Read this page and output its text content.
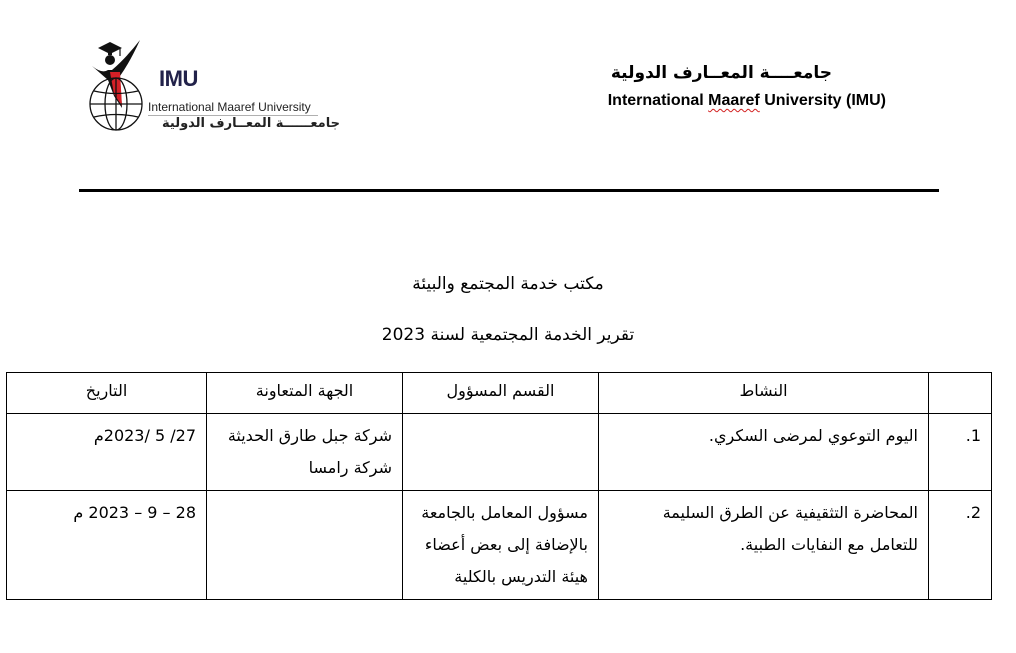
IMU
International Maaref University
جامعــــــة المعــارف الدولية
جامعــــة المعــارف الدولية
International Maaref University (IMU)
مكتب خدمة المجتمع والبيئة
تقرير الخدمة المجتمعية لسنة 2023
	النشاط	القسم المسؤول	الجهة المتعاونة	التاريخ
1.	اليوم التوعوي لمرضى السكري.		شركة جبل طارق الحديثة
شركة رامسا	27/ 5 /2023م
2.	المحاضرة التثقيفية عن الطرق السليمة
للتعامل مع النفايات الطبية.	مسؤول المعامل بالجامعة
بالإضافة إلى بعض أعضاء
هيئة التدريس بالكلية		28 – 9 – 2023 م
